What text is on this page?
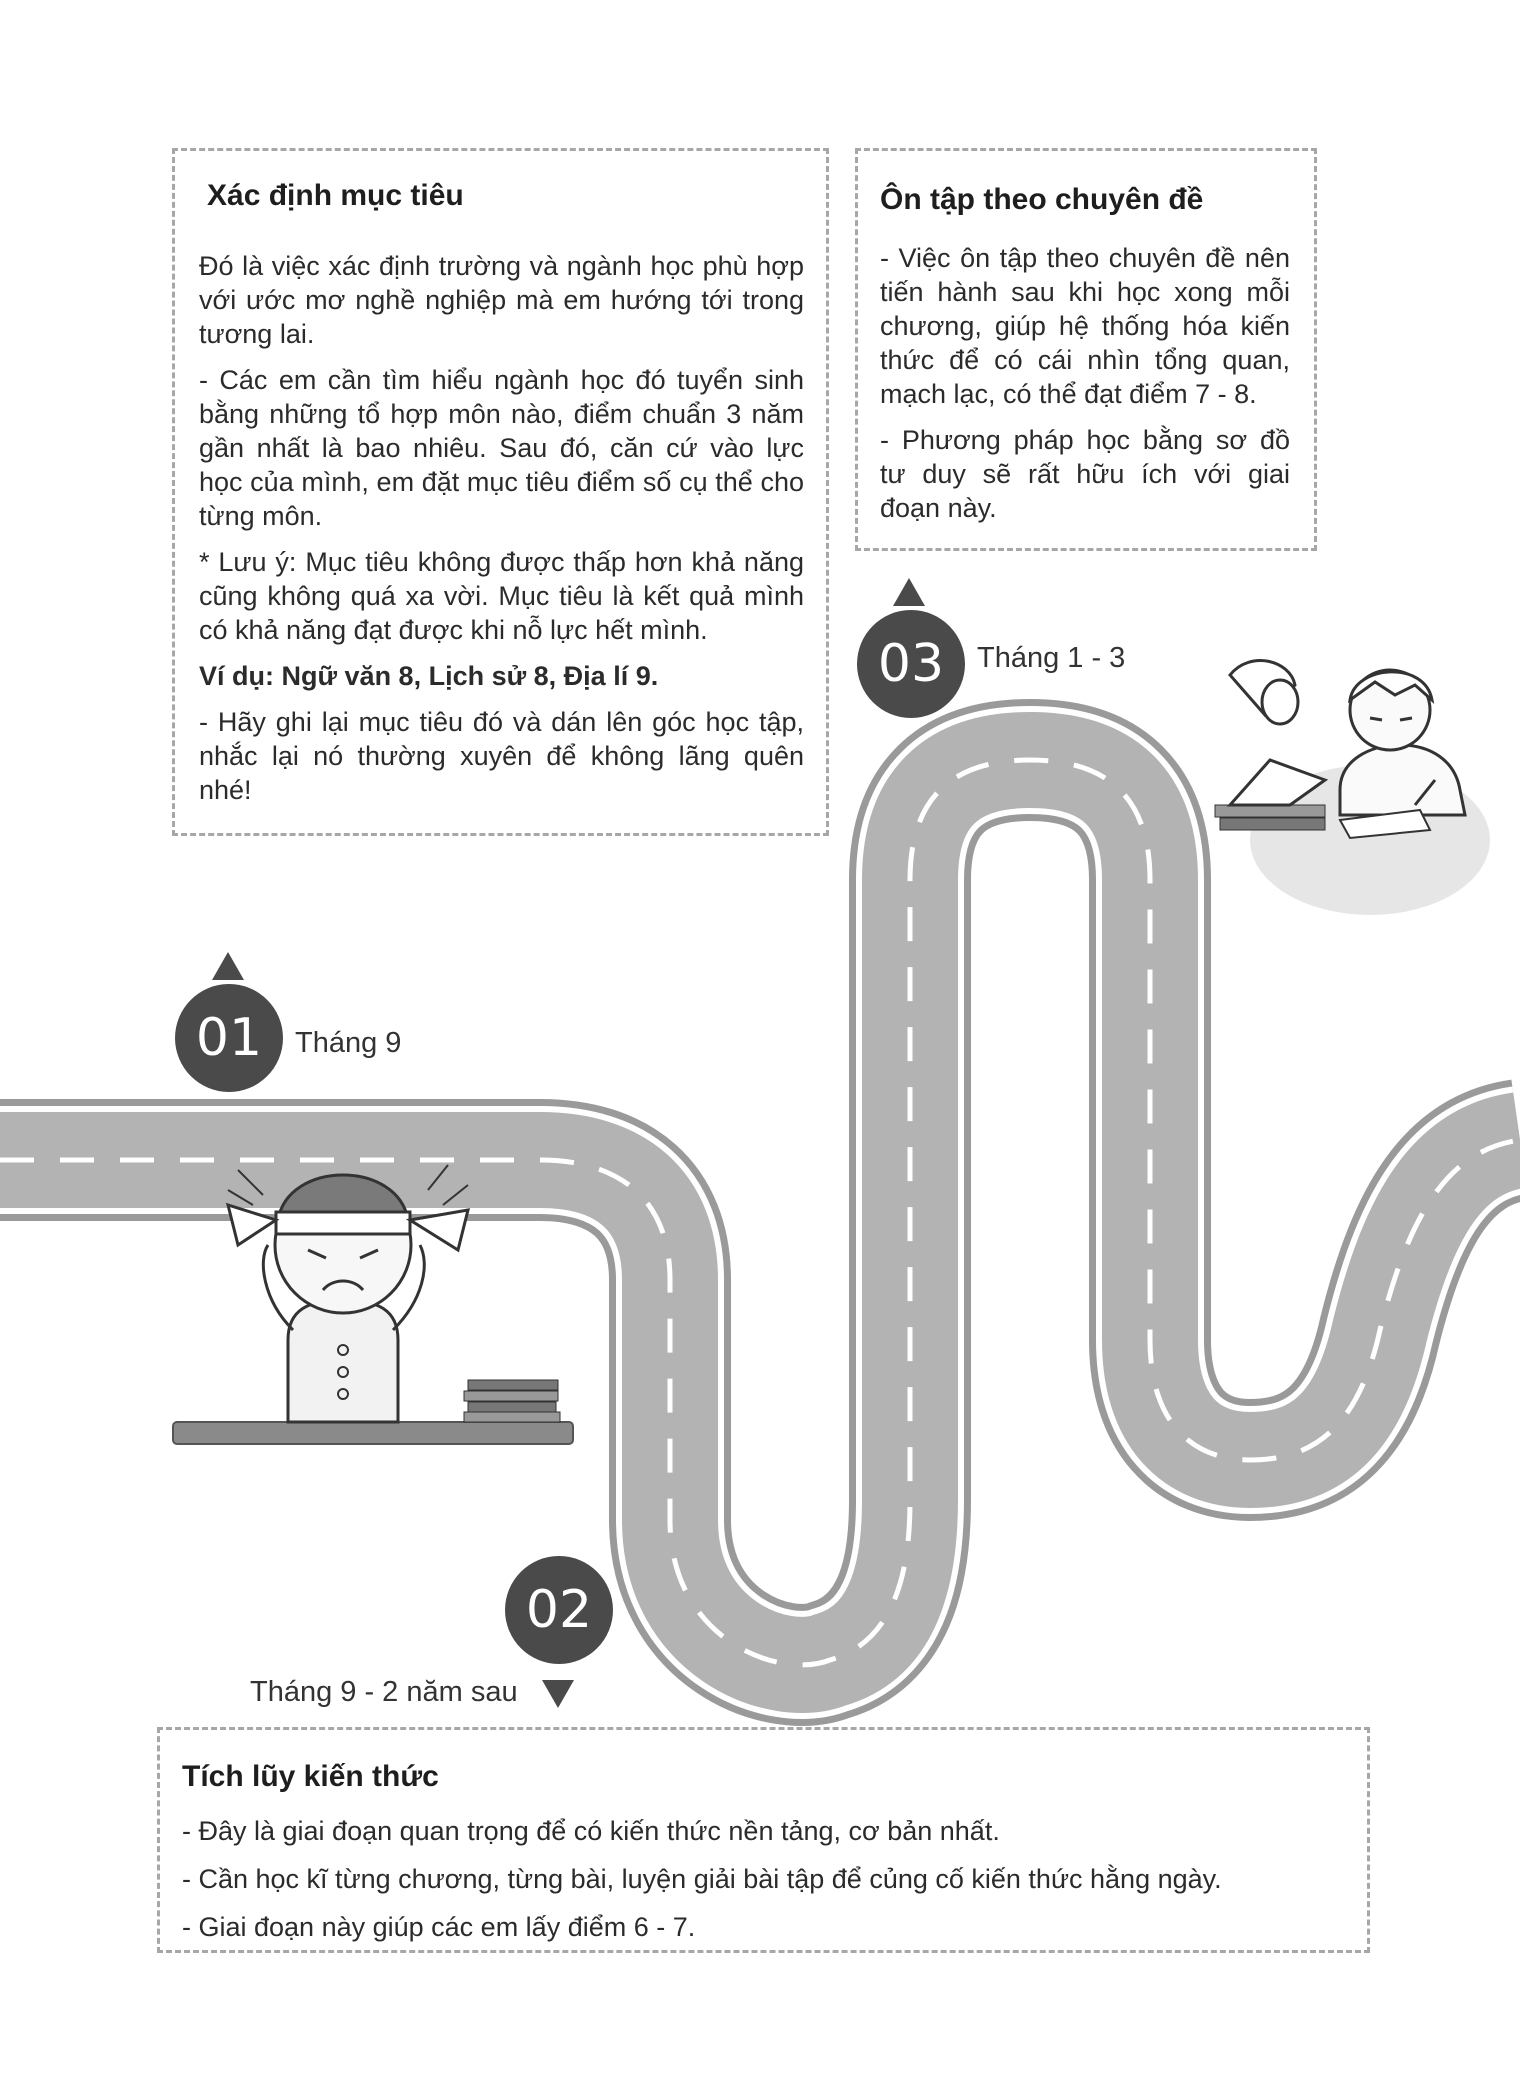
Xác định mục tiêu

Đó là việc xác định trường và ngành học phù hợp với ước mơ nghề nghiệp mà em hướng tới trong tương lai.

- Các em cần tìm hiểu ngành học đó tuyển sinh bằng những tổ hợp môn nào, điểm chuẩn 3 năm gần nhất là bao nhiêu. Sau đó, căn cứ vào lực học của mình, em đặt mục tiêu điểm số cụ thể cho từng môn.

* Lưu ý: Mục tiêu không được thấp hơn khả năng cũng không quá xa vời. Mục tiêu là kết quả mình có khả năng đạt được khi nỗ lực hết mình.

Ví dụ: Ngữ văn 8, Lịch sử 8, Địa lí 9.

- Hãy ghi lại mục tiêu đó và dán lên góc học tập, nhắc lại nó thường xuyên để không lãng quên nhé!

Ôn tập theo chuyên đề

- Việc ôn tập theo chuyên đề nên tiến hành sau khi học xong mỗi chương, giúp hệ thống hóa kiến thức để có cái nhìn tổng quan, mạch lạc, có thể đạt điểm 7 - 8.

- Phương pháp học bằng sơ đồ tư duy sẽ rất hữu ích với giai đoạn này.

Tích lũy kiến thức

- Đây là giai đoạn quan trọng để có kiến thức nền tảng, cơ bản nhất.

- Cần học kĩ từng chương, từng bài, luyện giải bài tập để củng cố kiến thức hằng ngày.

- Giai đoạn này giúp các em lấy điểm 6 - 7.

01	Tháng 9
02
Tháng 9 - 2 năm sau
03	Tháng 1 - 3
